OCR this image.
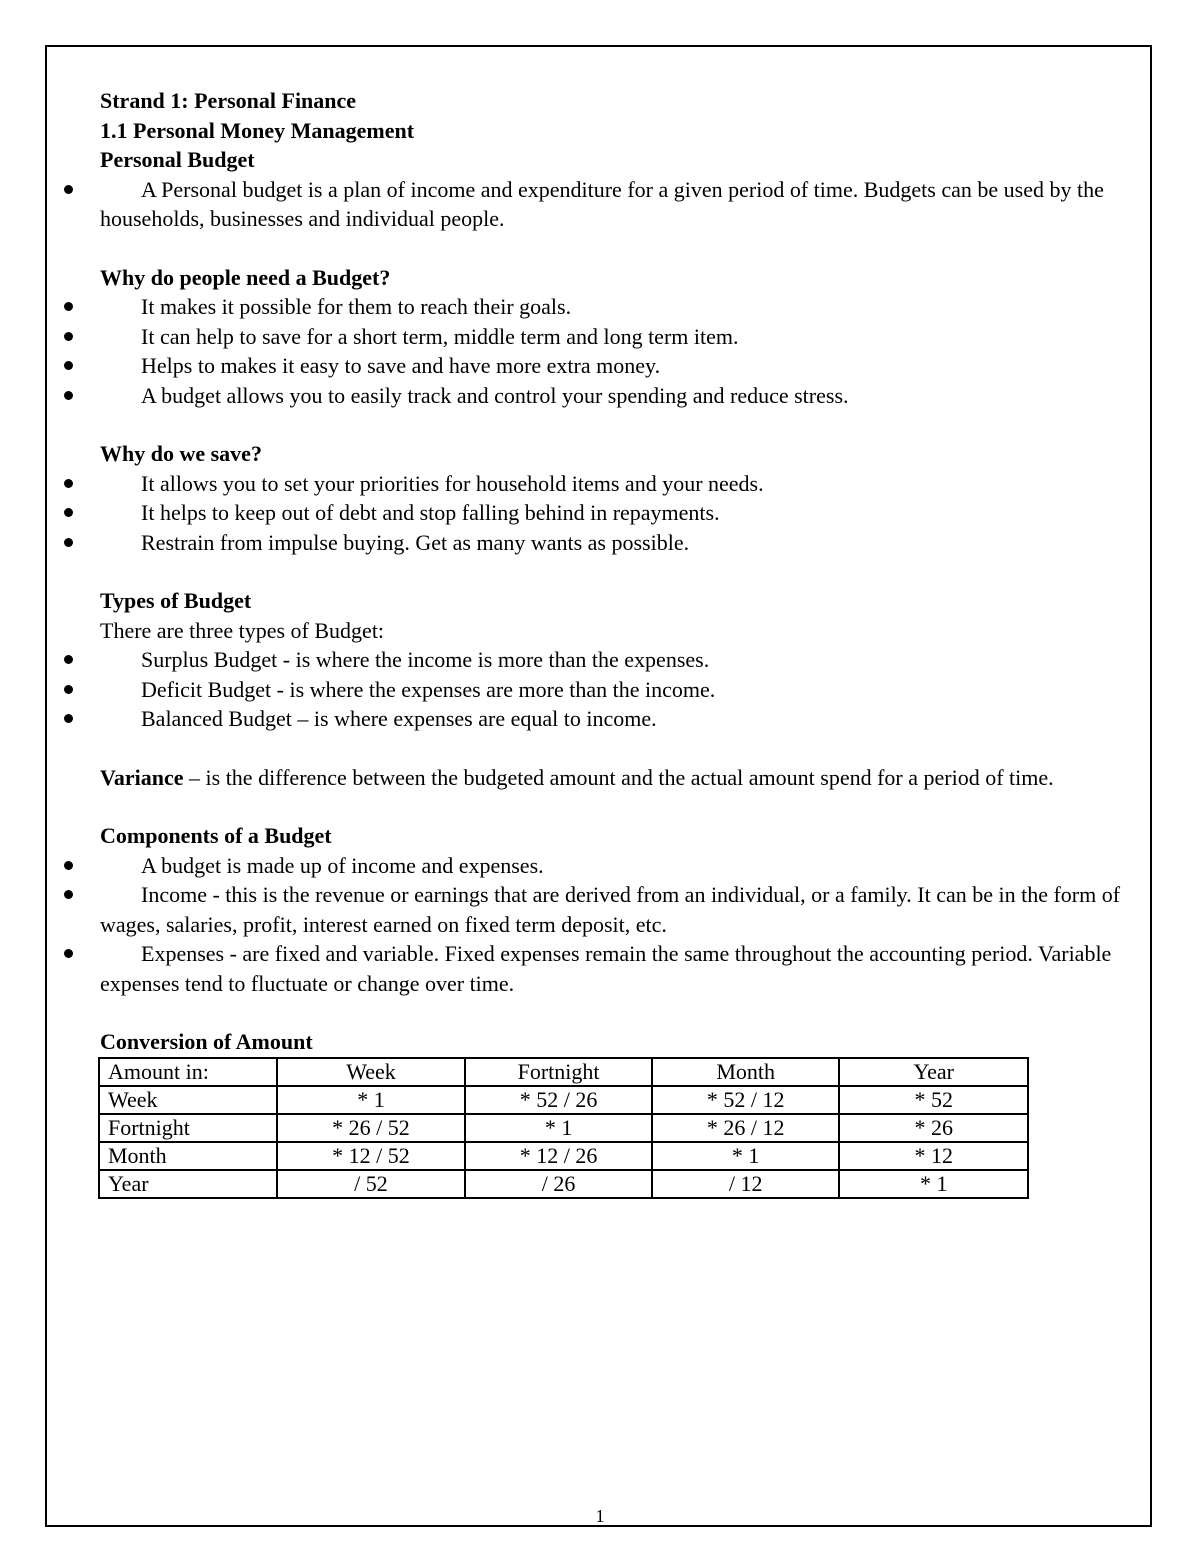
Strand 1: Personal Finance
1.1 Personal Money Management
Personal Budget
A Personal budget is a plan of income and expenditure for a given period of time. Budgets can be used by the households, businesses and individual people.
Why do people need a Budget?
It makes it possible for them to reach their goals.
It can help to save for a short term, middle term and long term item.
Helps to makes it easy to save and have more extra money.
A budget allows you to easily track and control your spending and reduce stress.
Why do we save?
It allows you to set your priorities for household items and your needs.
It helps to keep out of debt and stop falling behind in repayments.
Restrain from impulse buying. Get as many wants as possible.
Types of Budget

There are three types of Budget:

Surplus Budget - is where the income is more than the expenses.
Deficit Budget - is where the expenses are more than the income.
Balanced Budget – is where expenses are equal to income.

Variance – is the difference between the budgeted amount and the actual amount spend for a period of time.

Components of a Budget
A budget is made up of income and expenses.
Income - this is the revenue or earnings that are derived from an individual, or a family. It can be in the form of wages, salaries, profit, interest earned on fixed term deposit, etc.
Expenses - are fixed and variable. Fixed expenses remain the same throughout the accounting period. Variable expenses tend to fluctuate or change over time.
Conversion of Amount
Amount in:	Week	Fortnight	Month	Year
Week	* 1	* 52 / 26	* 52 / 12	* 52
Fortnight	* 26 / 52	* 1	* 26 / 12	* 26
Month	* 12 / 52	* 12 / 26	* 1	* 12
Year	/ 52	/ 26	/ 12	* 1
1
